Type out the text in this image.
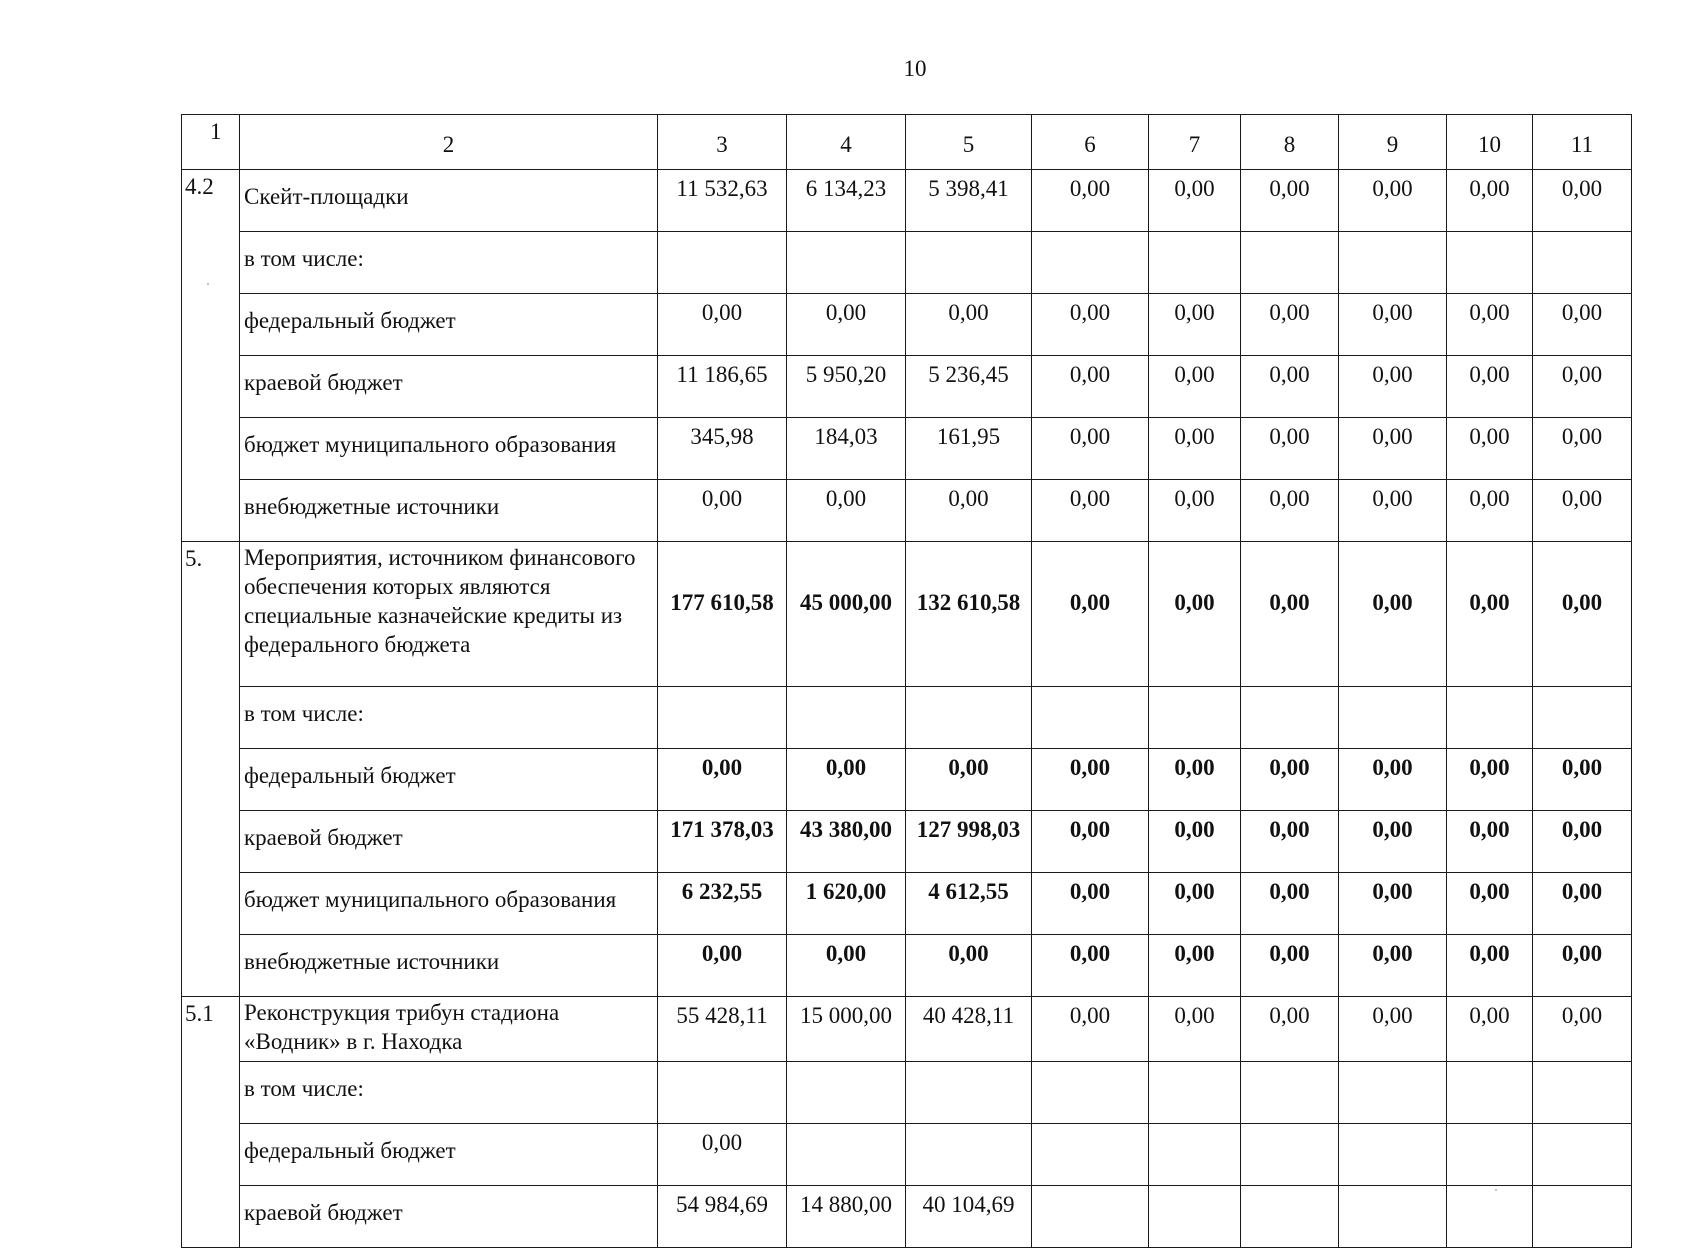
10
1	2	3	4	5	6	7	8	9	10	11
4.2	Скейт-площадки	11 532,63	6 134,23	5 398,41	0,00	0,00	0,00	0,00	0,00	0,00
	в том числе:									
	федеральный бюджет	0,00	0,00	0,00	0,00	0,00	0,00	0,00	0,00	0,00
	краевой бюджет	11 186,65	5 950,20	5 236,45	0,00	0,00	0,00	0,00	0,00	0,00
	бюджет муниципального образования	345,98	184,03	161,95	0,00	0,00	0,00	0,00	0,00	0,00
	внебюджетные источники	0,00	0,00	0,00	0,00	0,00	0,00	0,00	0,00	0,00
5.	Мероприятия, источником финансового обеспечения которых являются специальные казначейские кредиты из федерального бюджета	177 610,58	45 000,00	132 610,58	0,00	0,00	0,00	0,00	0,00	0,00
	в том числе:									
	федеральный бюджет	0,00	0,00	0,00	0,00	0,00	0,00	0,00	0,00	0,00
	краевой бюджет	171 378,03	43 380,00	127 998,03	0,00	0,00	0,00	0,00	0,00	0,00
	бюджет муниципального образования	6 232,55	1 620,00	4 612,55	0,00	0,00	0,00	0,00	0,00	0,00
	внебюджетные источники	0,00	0,00	0,00	0,00	0,00	0,00	0,00	0,00	0,00
5.1	Реконструкция трибун стадиона «Водник» в г. Находка	55 428,11	15 000,00	40 428,11	0,00	0,00	0,00	0,00	0,00	0,00
	в том числе:									
	федеральный бюджет	0,00								
	краевой бюджет	54 984,69	14 880,00	40 104,69						
